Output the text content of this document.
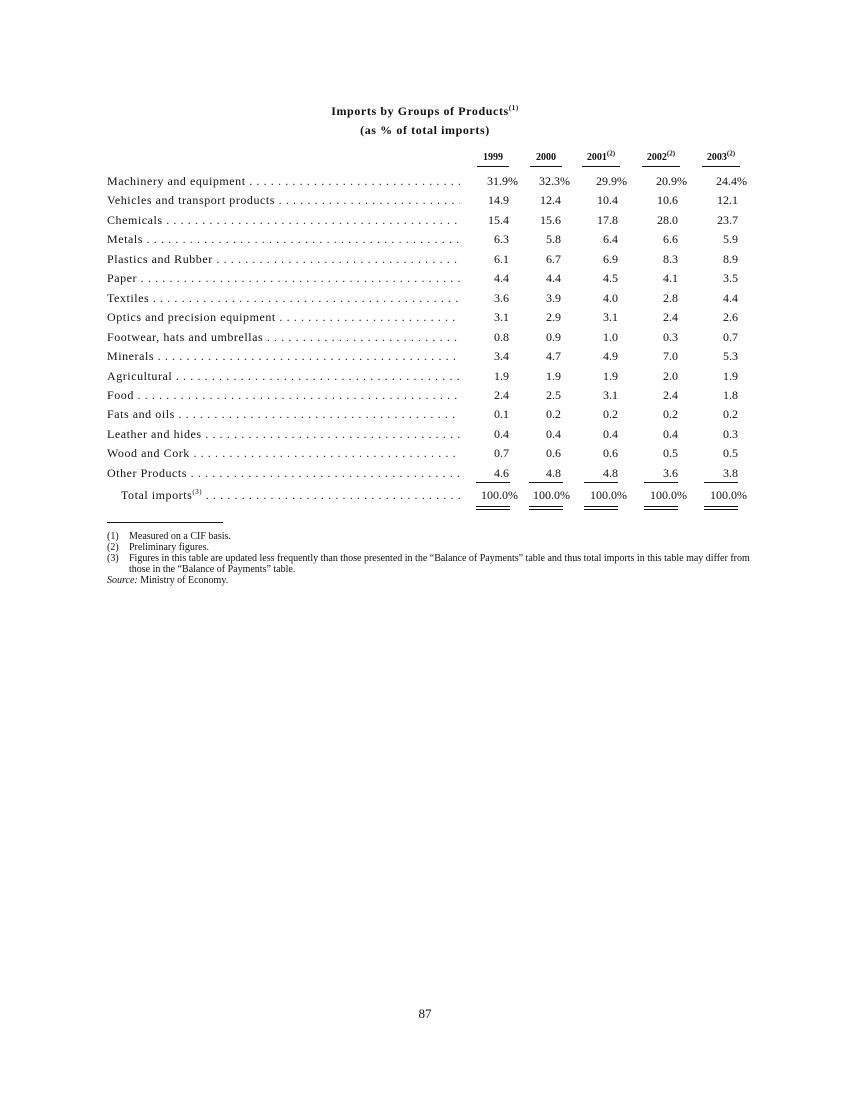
Imports by Groups of Products$^{(1)}$
(as % of total imports)
1999	2000	2001$^{(2)}$	2002$^{(2)}$	2003$^{(2)}$
Machinery and equipment . . .	31.9%	32.3%	29.9%	20.9%	24.4%
Vehicles and transport products . . .	14.9	12.4	10.4	10.6	12.1
Chemicals . . .	15.4	15.6	17.8	28.0	23.7
Metals . . .	6.3	5.8	6.4	6.6	5.9
Plastics and Rubber . . .	6.1	6.7	6.9	8.3	8.9
Paper . . .	4.4	4.4	4.5	4.1	3.5
Textiles . . .	3.6	3.9	4.0	2.8	4.4
Optics and precision equipment . . .	3.1	2.9	3.1	2.4	2.6
Footwear, hats and umbrellas . . .	0.8	0.9	1.0	0.3	0.7
Minerals . . .	3.4	4.7	4.9	7.0	5.3
Agricultural . . .	1.9	1.9	1.9	2.0	1.9
Food . . .	2.4	2.5	3.1	2.4	1.8
Fats and oils . . .	0.1	0.2	0.2	0.2	0.2
Leather and hides . . .	0.4	0.4	0.4	0.4	0.3
Wood and Cork . . .	0.7	0.6	0.6	0.5	0.5
Other Products . . .	4.6	4.8	4.8	3.6	3.8
Total imports$^{(3)}$ . . .	100.0%	100.0%	100.0%	100.0%	100.0%
(1) Measured on a CIF basis.
(2) Preliminary figures.
(3) Figures in this table are updated less frequently than those presented in the “Balance of Payments” table and thus total imports in this table may differ from those in the “Balance of Payments” table.
Source: Ministry of Economy.
87
